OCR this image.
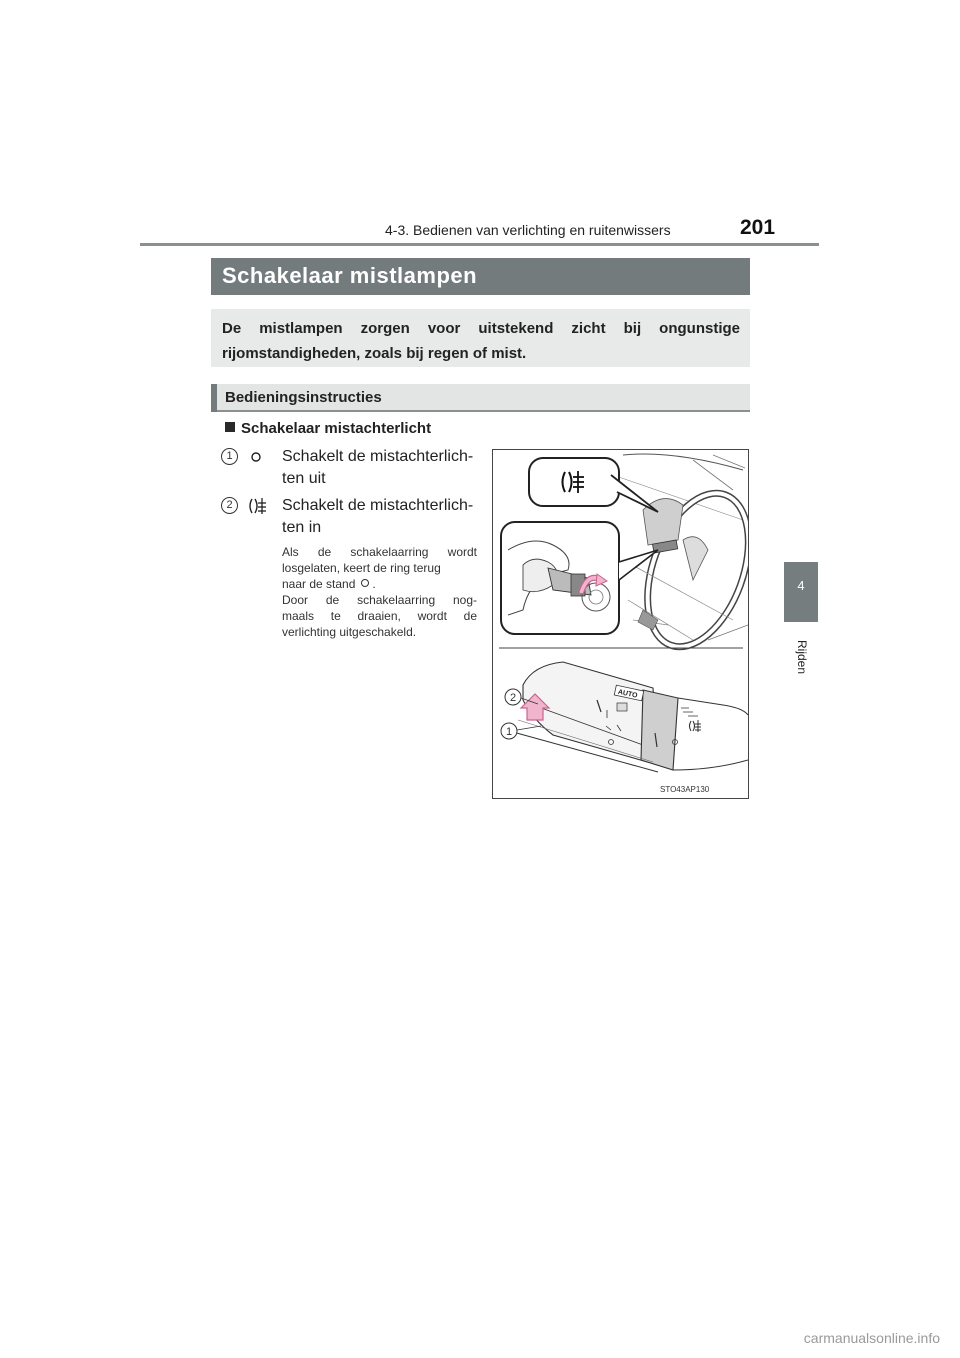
4-3. Bedienen van verlichting en ruitenwissers	201
4
Rijden
Schakelaar mistlampen
De mistlampen zorgen voor uitstekend zicht bij ongunstige rijomstandigheden, zoals bij regen of mist.
Bedieningsinstructies
Schakelaar mistachterlicht
1	Schakelt de mistachterlich-
ten uit
2	Schakelt de mistachterlich-
ten in
Als de schakelaarring wordt
losgelaten, keert de ring terug
naar de stand .
Door de schakelaarring nog-
maals te draaien, wordt de
verlichting uitgeschakeld.
AUTO
2
1
STO43AP130
carmanualsonline.info
